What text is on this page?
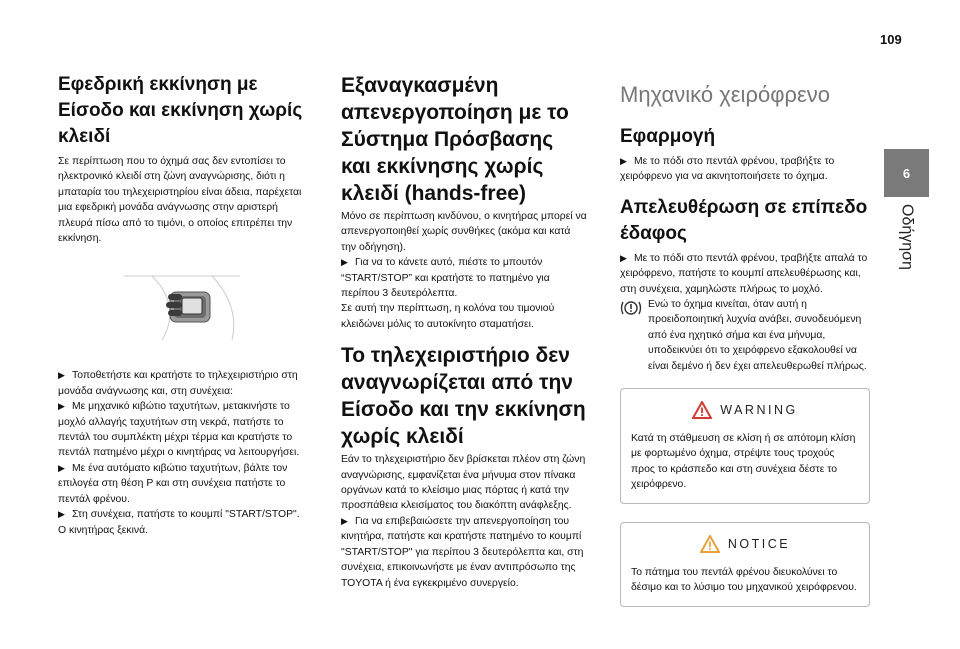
109
6
Οδήγηση
Εφεδρική εκκίνηση με Είσοδο και εκκίνηση χωρίς κλειδί

Σε περίπτωση που το όχημά σας δεν εντοπίσει το ηλεκτρονικό κλειδί στη ζώνη αναγνώρισης, διότι η μπαταρία του τηλεχειριστηρίου είναι άδεια, παρέχεται μια εφεδρική μονάδα ανάγνωσης στην αριστερή πλευρά πίσω από το τιμόνι, ο οποίος επιτρέπει την εκκίνηση.

▶ Τοποθετήστε και κρατήστε το τηλεχειριστήριο στη μονάδα ανάγνωσης και, στη συνέχεια:

▶ Με μηχανικό κιβώτιο ταχυτήτων, μετακινήστε το μοχλό αλλαγής ταχυτήτων στη νεκρά, πατήστε το πεντάλ του συμπλέκτη μέχρι τέρμα και κρατήστε το πεντάλ πατημένο μέχρι ο κινητήρας να λειτουργήσει.

▶ Με ένα αυτόματο κιβώτιο ταχυτήτων, βάλτε τον επιλογέα στη θέση P και στη συνέχεια πατήστε το πεντάλ φρένου.

▶ Στη συνέχεια, πατήστε το κουμπί "START/STOP".

Ο κινητήρας ξεκινά.

Εξαναγκασμένη απενεργοποίηση με το Σύστημα Πρόσβασης και εκκίνησης χωρίς κλειδί (hands-free)

Μόνο σε περίπτωση κινδύνου, ο κινητήρας μπορεί να απενεργοποιηθεί χωρίς συνθήκες (ακόμα και κατά την οδήγηση).

▶ Για να το κάνετε αυτό, πιέστε το μπουτόν “START/STOP” και κρατήστε το πατημένο για περίπου 3 δευτερόλεπτα.

Σε αυτή την περίπτωση, η κολόνα του τιμονιού κλειδώνει μόλις το αυτοκίνητο σταματήσει.

Το τηλεχειριστήριο δεν αναγνωρίζεται από την Είσοδο και την εκκίνηση χωρίς κλειδί

Εάν το τηλεχειριστήριο δεν βρίσκεται πλέον στη ζώνη αναγνώρισης, εμφανίζεται ένα μήνυμα στον πίνακα οργάνων κατά το κλείσιμο μιας πόρτας ή κατά την προσπάθεια κλεισίματος του διακόπτη ανάφλεξης.

▶ Για να επιβεβαιώσετε την απενεργοποίηση του κινητήρα, πατήστε και κρατήστε πατημένο το κουμπί "START/STOP" για περίπου 3 δευτερόλεπτα και, στη συνέχεια, επικοινωνήστε με έναν αντιπρόσωπο της TOYOTA ή ένα εγκεκριμένο συνεργείο.

Μηχανικό χειρόφρενο
Εφαρμογή

▶ Με το πόδι στο πεντάλ φρένου, τραβήξτε το χειρόφρενο για να ακινητοποιήσετε το όχημα.

Απελευθέρωση σε επίπεδο έδαφος

▶ Με το πόδι στο πεντάλ φρένου, τραβήξτε απαλά το χειρόφρενο, πατήστε το κουμπί απελευθέρωσης και, στη συνέχεια, χαμηλώστε πλήρως το μοχλό.

Ενώ το όχημα κινείται, όταν αυτή η προειδοποιητική λυχνία ανάβει, συνοδευόμενη από ένα ηχητικό σήμα και ένα μήνυμα, υποδεικνύει ότι το χειρόφρενο εξακολουθεί να είναι δεμένο ή δεν έχει απελευθερωθεί πλήρως.

WARNING

Κατά τη στάθμευση σε κλίση ή σε απότομη κλίση με φορτωμένο όχημα, στρέψτε τους τροχούς προς το κράσπεδο και στη συνέχεια δέστε το χειρόφρενο.

NOTICE

Το πάτημα του πεντάλ φρένου διευκολύνει το δέσιμο και το λύσιμο του μηχανικού χειρόφρενου.
